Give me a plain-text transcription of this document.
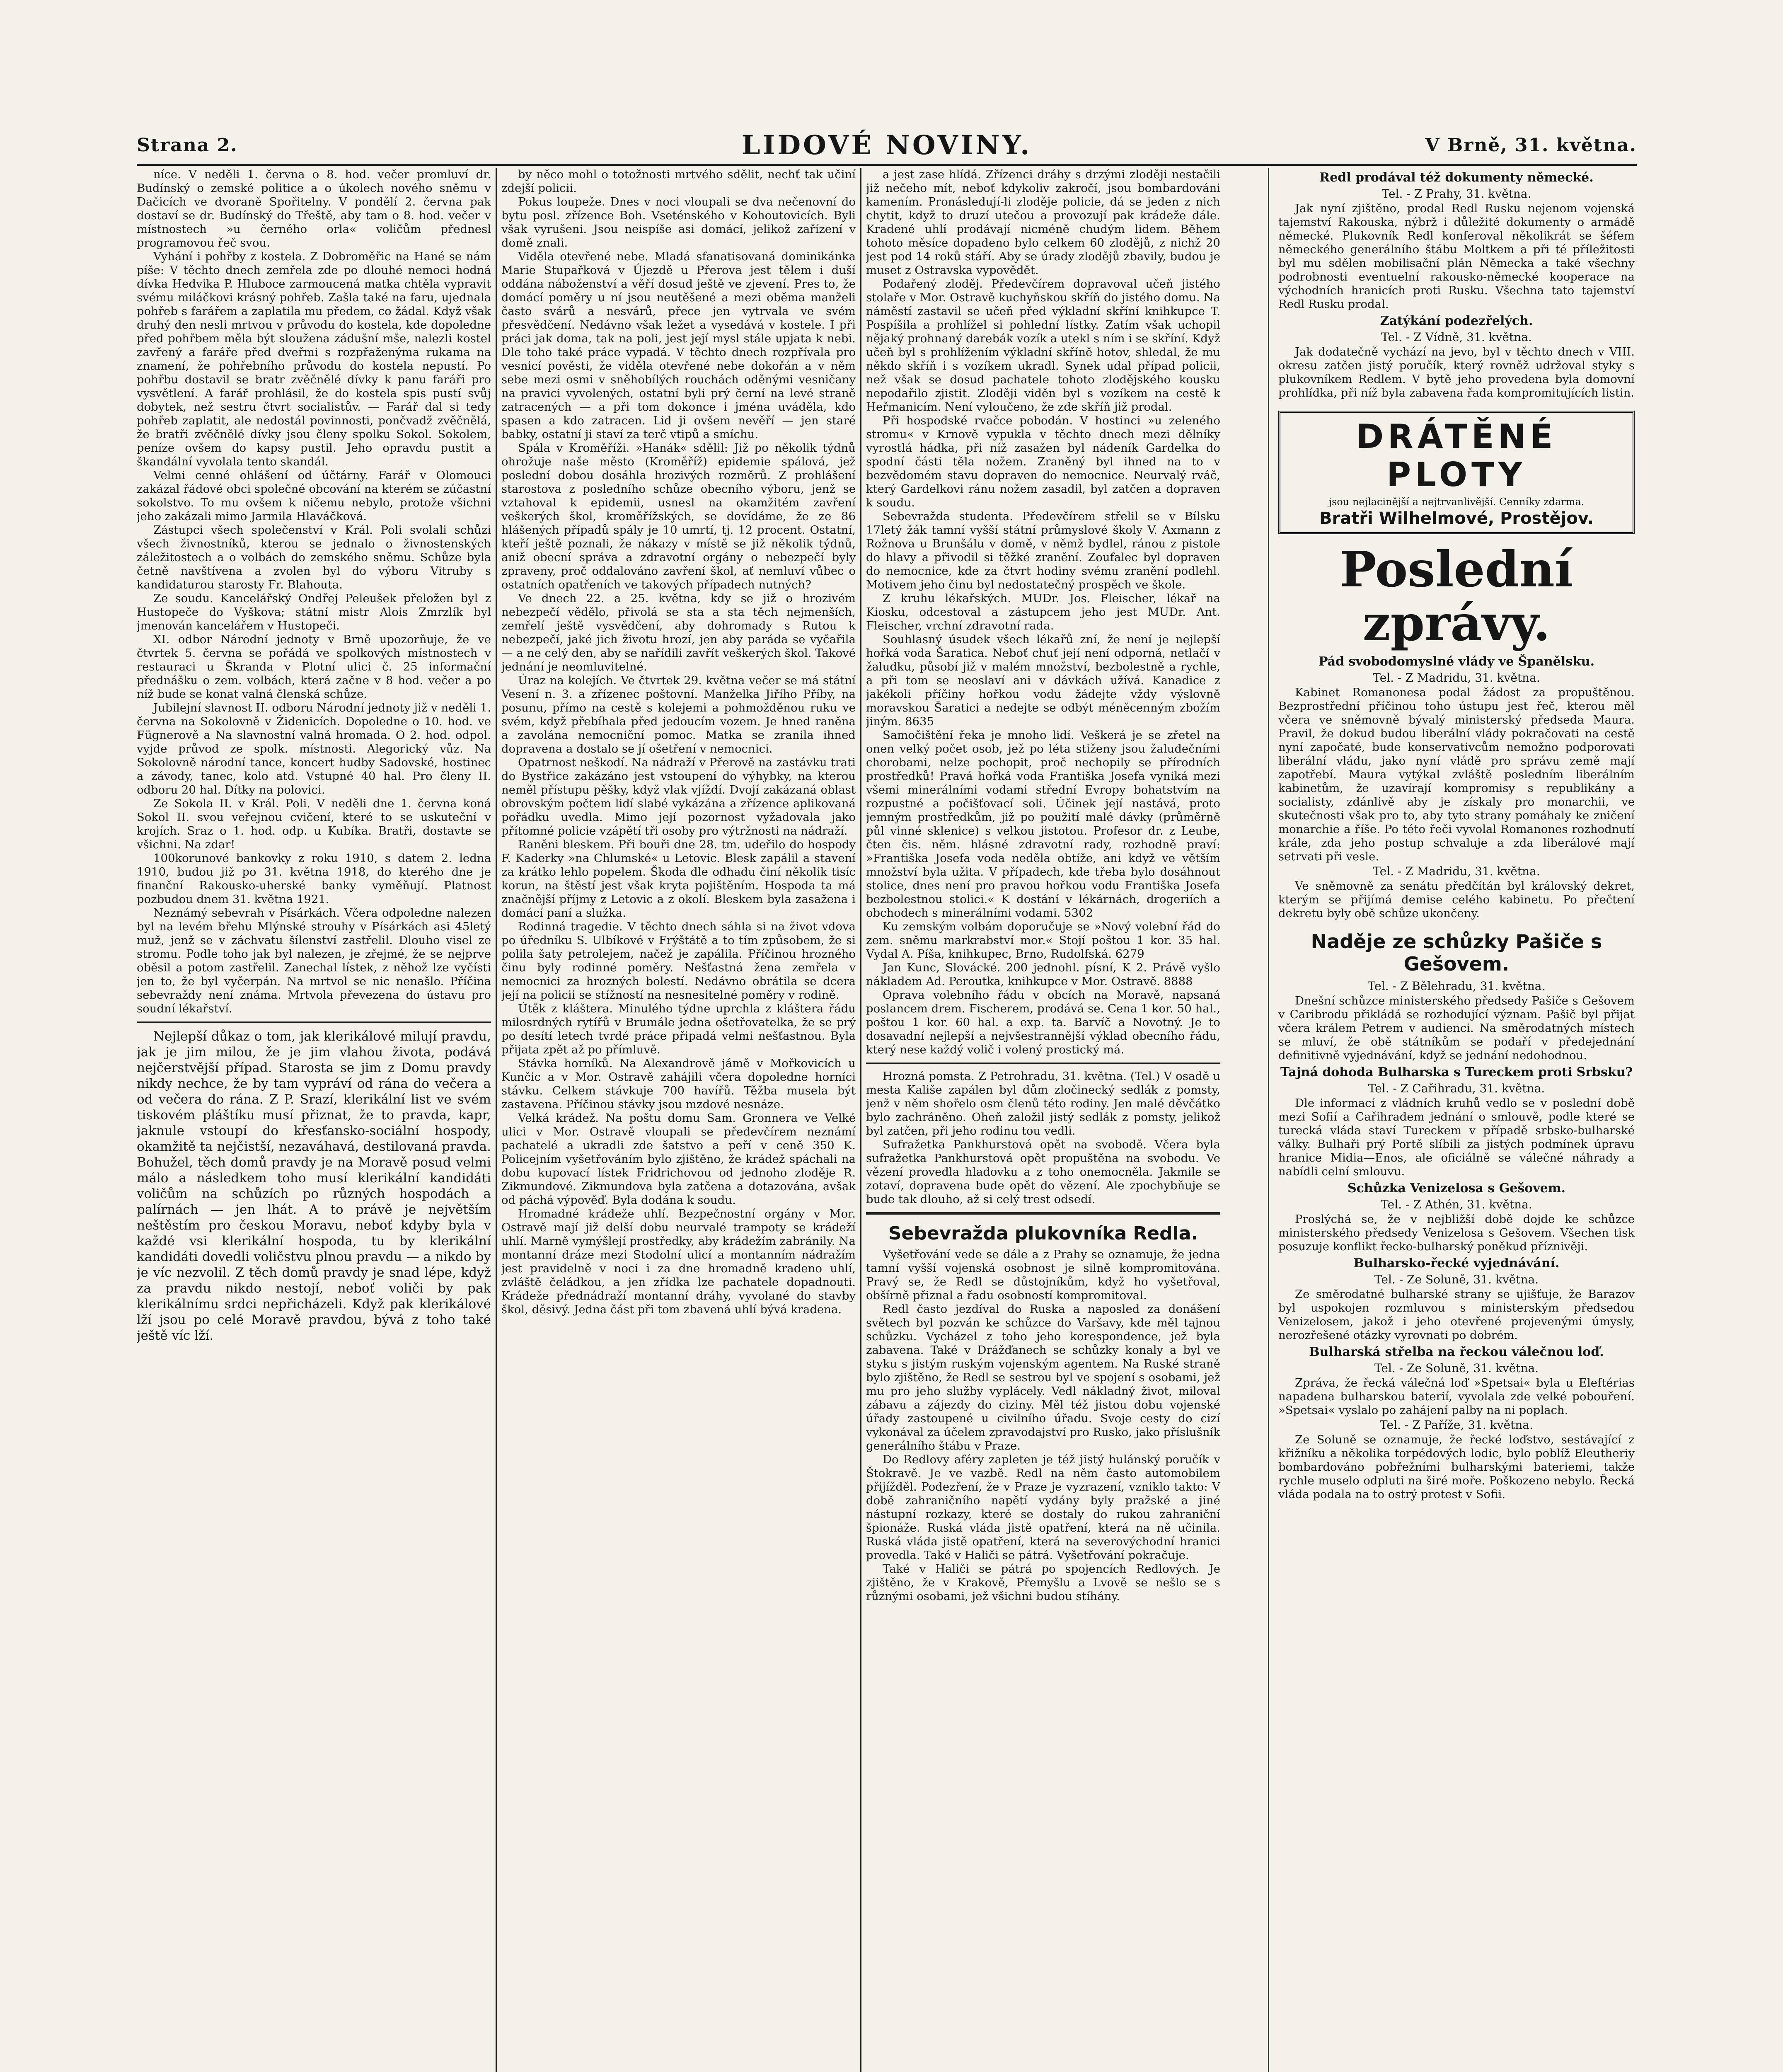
Strana 2.	LIDOVÉ NOVINY.	V Brně, 31. května.

níce. V neděli 1. června o 8. hod. večer promluví dr. Budínský o zemské politice a o úkolech nového sněmu v Dačicích ve dvoraně Spořitelny. V pondělí 2. června pak dostaví se dr. Budínský do Třeště, aby tam o 8. hod. večer v místnostech »u černého orla« voličům přednesl programovou řeč svou.

Vyhání i pohřby z kostela. Z Dobroměřic na Hané se nám píše: V těchto dnech zemřela zde po dlouhé nemoci hodná dívka Hedvika P. Hluboce zarmoucená matka chtěla vypravit svému miláčkovi krásný pohřeb. Zašla také na faru, ujednala pohřeb s farářem a zaplatila mu předem, co žádal. Když však druhý den nesli mrtvou v průvodu do kostela, kde dopoledne před pohřbem měla být sloužena zádušní mše, nalezli kostel zavřený a faráře před dveřmi s rozpřaženýma rukama na znamení, že pohřebního průvodu do kostela nepustí. Po pohřbu dostavil se bratr zvěčnělé dívky k panu faráři pro vysvětlení. A farář prohlásil, že do kostela spis pustí svůj dobytek, než sestru čtvrt socialistův. — Farář dal si tedy pohřeb zaplatit, ale nedostál povinnosti, pončvadž zvěčnělá, že bratři zvěčnělé dívky jsou členy spolku Sokol. Sokolem, peníze ovšem do kapsy pustil. Jeho opravdu pustit a škandální vyvolala tento skandál.

Velmi cenné ohlášení od účtárny. Farář v Olomouci zakázal řádové obci společné obcování na kterém se zúčastní sokolstvo. To mu ovšem k ničemu nebylo, protože všichni jeho zakázali mimo Jarmila Hlaváčková.

Zástupci všech společenství v Král. Poli svolali schůzi všech živnostníků, kterou se jednalo o živnostenských záležitostech a o volbách do zemského sněmu. Schůze byla četně navštívena a zvolen byl do výboru Vitruby s kandidaturou starosty Fr. Blahouta.

Ze soudu. Kancelářský Ondřej Peleušek přeložen byl z Hustopeče do Vyškova; státní mistr Alois Zmrzlík byl jmenován kancelářem v Hustopeči.

XI. odbor Národní jednoty v Brně upozorňuje, že ve čtvrtek 5. června se pořádá ve spolkových místnostech v restauraci u Škranda v Plotní ulici č. 25 informační přednášku o zem. volbách, která začne v 8 hod. večer a po níž bude se konat valná členská schůze.

Jubilejní slavnost II. odboru Národní jednoty již v neděli 1. června na Sokolovně v Židenicích. Dopoledne o 10. hod. ve Fügnerově a Na slavnostní valná hromada. O 2. hod. odpol. vyjde průvod ze spolk. místnosti. Alegorický vůz. Na Sokolovně národní tance, koncert hudby Sadovské, hostinec a závody, tanec, kolo atd. Vstupné 40 hal. Pro členy II. odboru 20 hal. Dítky na polovici.

Ze Sokola II. v Král. Poli. V neděli dne 1. června koná Sokol II. svou veřejnou cvičení, které to se uskuteční v krojích. Sraz o 1. hod. odp. u Kubíka. Bratři, dostavte se všichni. Na zdar!

100korunové bankovky z roku 1910, s datem 2. ledna 1910, budou již po 31. května 1918, do kterého dne je finanční Rakousko-uherské banky vyměňují. Platnost pozbudou dnem 31. května 1921.

Neznámý sebevrah v Písárkách. Včera odpoledne nalezen byl na levém břehu Mlýnské strouhy v Písárkách asi 45letý muž, jenž se v záchvatu šílenství zastřelil. Dlouho visel ze stromu. Podle toho jak byl nalezen, je zřejmé, že se nejprve oběsil a potom zastřelil. Zanechal lístek, z něhož lze vyčísti jen to, že byl vyčerpán. Na mrtvol se nic nenašlo. Příčina sebevraždy není známa. Mrtvola převezena do ústavu pro soudní lékařství.

Nejlepší důkaz o tom, jak klerikálové milují pravdu, jak je jim milou, že je jim vlahou života, podává nejčerstvější případ. Starosta se jim z Domu pravdy nikdy nechce, že by tam vypráví od rána do večera a od večera do rána. Z P. Srazí, klerikální list ve svém tiskovém pláštíku musí přiznat, že to pravda, kapr, jaknule vstoupí do křesťansko-sociální hospody, okamžitě ta nejčistší, nezaváhavá, destilovaná pravda. Bohužel, těch domů pravdy je na Moravě posud velmi málo a následkem toho musí klerikální kandidáti voličům na schůzích po různých hospodách a palírnách — jen lhát. A to právě je největším neštěstím pro českou Moravu, neboť kdyby byla v každé vsi klerikální hospoda, tu by klerikální kandidáti dovedli voličstvu plnou pravdu — a nikdo by je víc nezvolil. Z těch domů pravdy je snad lépe, když za pravdu nikdo nestojí, neboť voliči by pak klerikálnímu srdci nepřicházeli. Když pak klerikálové lží jsou po celé Moravě pravdou, bývá z toho také ještě víc lží.

by něco mohl o totožnosti mrtvého sdělit, nechť tak učiní zdejší policii.

Pokus loupeže. Dnes v noci vloupali se dva nečenovní do bytu posl. zřízence Boh. Vseténského v Kohoutovicích. Byli však vyrušeni. Jsou neispíše asi domácí, jelikož zařízení v domě znali.

Viděla otevřené nebe. Mladá sfanatisovaná dominikánka Marie Stupařková v Újezdě u Přerova jest tělem i duší oddána náboženství a věří dosud ještě ve zjevení. Pres to, že domácí poměry u ní jsou neutěšené a mezi oběma manželi často svárů a nesvárů, přece jen vytrvala ve svém přesvědčení. Nedávno však ležet a vysedává v kostele. I při práci jak doma, tak na poli, jest její mysl stále upjata k nebi. Dle toho také práce vypadá. V těchto dnech rozpřívala pro vesnicí pověsti, že viděla otevřené nebe dokořán a v něm sebe mezi osmi v sněhobílých rouchách oděnými vesničany na pravici vyvolených, ostatní byli prý černí na levé straně zatracených — a při tom dokonce i jména uváděla, kdo spasen a kdo zatracen. Lid ji ovšem nevěří — jen staré babky, ostatní ji staví za terč vtipů a smíchu.

Spála v Kroměříži. »Hanák« sdělil: Již po několik týdnů ohrožuje naše město (Kroměříž) epidemie spálová, jež poslední dobou dosáhla hrozivých rozměrů. Z prohlášení starostova z posledního schůze obecního výboru, jenž se vztahoval k epidemii, usnesl na okamžitém zavření veškerých škol, kroměřížských, se dovídáme, že ze 86 hlášených případů spály je 10 umrtí, tj. 12 procent. Ostatní, kteří ještě poznali, že nákazy v místě se již několik týdnů, aniž obecní správa a zdravotní orgány o nebezpečí byly zpraveny, proč oddalováno zavření škol, ať nemluví vůbec o ostatních opatřeních ve takových případech nutných?

Ve dnech 22. a 25. května, kdy se již o hrozivém nebezpečí vědělo, přivolá se sta a sta těch nejmenších, zemřelí ještě vysvědčení, aby dohromady s Rutou k nebezpečí, jaké jich životu hrozí, jen aby paráda se vyčařila — a ne celý den, aby se nařídili zavřít veškerých škol. Takové jednání je neomluvitelné.

Úraz na kolejích. Ve čtvrtek 29. května večer se má státní Vesení n. 3. a zřízenec poštovní. Manželka Jiřího Příby, na posunu, přímo na cestě s kolejemi a pohmožděnou ruku ve svém, když přebíhala před jedoucím vozem. Je hned raněna a zavolána nemocniční pomoc. Matka se zranila ihned dopravena a dostalo se jí ošetření v nemocnici.

Opatrnost neškodí. Na nádraží v Přerově na zastávku trati do Bystřice zakázáno jest vstoupení do výhybky, na kterou neměl přístupu pěšky, když vlak vjíždí. Dvojí zakázaná oblast obrovským počtem lidí slabé vykázána a zřízence aplikovaná pořádku uvedla. Mimo její pozornost vyžadovala jako přítomné policie vzápětí tři osoby pro výtržnosti na nádraží.

Raněni bleskem. Při bouři dne 28. tm. udeřilo do hospody F. Kaderky »na Chlumské« u Letovic. Blesk zapálil a stavení za krátko lehlo popelem. Škoda dle odhadu činí několik tisíc korun, na štěstí jest však kryta pojištěním. Hospoda ta má značnější příjmy z Letovic a z okolí. Bleskem byla zasažena i domácí paní a služka.

Rodinná tragedie. V těchto dnech sáhla si na život vdova po úředníku S. Ulbíkové v Frýštátě a to tím způsobem, že si polila šaty petrolejem, načež je zapálila. Příčinou hrozného činu byly rodinné poměry. Nešťastná žena zemřela v nemocnici za hrozných bolestí. Nedávno obrátila se dcera její na policii se stížností na nesnesitelné poměry v rodině.

Útěk z kláštera. Minulého týdne uprchla z kláštera řádu milosrdných rytířů v Brumále jedna ošetřovatelka, že se prý po desítí letech tvrdé práce připadá velmi nešťastnou. Byla přijata zpět až po přímluvě.

Stávka horníků. Na Alexandrově jámě v Mořkovicích u Kunčic a v Mor. Ostravě zahájili včera dopoledne horníci stávku. Celkem stávkuje 700 havířů. Těžba musela být zastavena. Příčinou stávky jsou mzdové nesnáze.

Velká krádež. Na poštu domu Sam. Gronnera ve Velké ulici v Mor. Ostravě vloupali se předevčírem neznámí pachatelé a ukradli zde šatstvo a peří v ceně 350 K. Policejním vyšetřováním bylo zjištěno, že krádež spáchali na dobu kupovací lístek Fridrichovou od jednoho zloděje R. Zikmundové. Zikmundova byla zatčena a dotazována, avšak od páchá výpověď. Byla dodána k soudu.

Hromadné krádeže uhlí. Bezpečnostní orgány v Mor. Ostravě mají již delší dobu neurvalé trampoty se krádeží uhlí. Marně vymýšlejí prostředky, aby krádežím zabránily. Na montanní dráze mezi Stodolní ulicí a montanním nádražím jest pravidelně v noci i za dne hromadně kradeno uhlí, zvláště čeládkou, a jen zřídka lze pachatele dopadnouti. Krádeže přednádraží montanní dráhy, vyvolané do stavby škol, děsivý. Jedna část při tom zbavená uhlí bývá kradena.

a jest zase hlídá. Zřízenci dráhy s drzými zloději nestačili již nečeho mít, neboť kdykoliv zakročí, jsou bombardováni kamením. Pronásledují-li zloděje policie, dá se jeden z nich chytit, když to druzí utečou a provozují pak krádeže dále. Kradené uhlí prodávají nicméně chudým lidem. Během tohoto měsíce dopadeno bylo celkem 60 zlodějů, z nichž 20 jest pod 14 roků stáří. Aby se úrady zlodějů zbavily, budou je muset z Ostravska vypovědět.

Podařený zloděj. Předevčírem dopravoval učeň jistého stolaře v Mor. Ostravě kuchyňskou skříň do jistého domu. Na náměstí zastavil se učeň před výkladní skříní knihkupce T. Pospíšila a prohlížel si pohlední lístky. Zatím však uchopil nějaký prohnaný darebák vozík a utekl s ním i se skříní. Když učeň byl s prohlížením výkladní skříně hotov, shledal, že mu někdo skříň i s vozíkem ukradl. Synek udal případ policii, než však se dosud pachatele tohoto zlodějského kousku nepodařilo zjistit. Zloději viděn byl s vozíkem na cestě k Heřmanicím. Není vyloučeno, že zde skříň již prodal.

Při hospodské rvačce pobodán. V hostinci »u zeleného stromu« v Krnově vypukla v těchto dnech mezi dělníky vyrostlá hádka, při níž zasažen byl nádeník Gardelka do spodní části těla nožem. Zraněný byl ihned na to v bezvědomém stavu dopraven do nemocnice. Neurvalý rváč, který Gardelkovi ránu nožem zasadil, byl zatčen a dopraven k soudu.

Sebevražda studenta. Předevčírem střelil se v Bílsku 17letý žák tamní vyšší státní průmyslové školy V. Axmann z Rožnova u Brunšálu v domě, v němž bydlel, ránou z pistole do hlavy a přivodil si těžké zranění. Zoufalec byl dopraven do nemocnice, kde za čtvrt hodiny svému zranění podlehl. Motivem jeho činu byl nedostatečný prospěch ve škole.

Z kruhu lékařských. MUDr. Jos. Fleischer, lékař na Kiosku, odcestoval a zástupcem jeho jest MUDr. Ant. Fleischer, vrchní zdravotní rada.

Souhlasný úsudek všech lékařů zní, že není je nejlepší hořká voda Šaratica. Neboť chuť její není odporná, netlačí v žaludku, působí již v malém množství, bezbolestně a rychle, a při tom se neoslaví ani v dávkách užívá. Kanadice z jakékoli příčiny hořkou vodu žádejte vždy výslovně moravskou Šaratici a nedejte se odbýt méněcenným zbožím jiným. 8635

Samočištění řeka je mnoho lidí. Veškerá je se zřetel na onen velký počet osob, jež po léta stiženy jsou žaludečními chorobami, nelze pochopit, proč nechopily se přírodních prostředků! Pravá hořká voda Františka Josefa vyniká mezi všemi minerálními vodami střední Evropy bohatstvím na rozpustné a počišťovací soli. Účinek její nastává, proto jemným prostředkům, již po použití malé dávky (průměrně půl vinné sklenice) s velkou jistotou. Profesor dr. z Leube, čten čis. něm. hlásné zdravotní rady, rozhodně praví: »Františka Josefa voda neděla obtíže, ani když ve větším množství byla užita. V případech, kde třeba bylo dosáhnout stolice, dnes není pro pravou hořkou vodu Františka Josefa bezbolestnou stolici.« K dostání v lékárnách, drogeriích a obchodech s minerálními vodami. 5302

Ku zemským volbám doporučuje se »Nový volební řád do zem. sněmu markrabství mor.« Stojí poštou 1 kor. 35 hal. Vydal A. Píša, knihkupec, Brno, Rudolfská. 6279

Jan Kunc, Slovácké. 200 jednohl. písní, K 2. Právě vyšlo nákladem Ad. Peroutka, knihkupce v Mor. Ostravě. 8888

Oprava volebního řádu v obcích na Moravě, napsaná poslancem drem. Fischerem, prodává se. Cena 1 kor. 50 hal., poštou 1 kor. 60 hal. a exp. ta. Barvíč a Novotný. Je to dosavadní nejlepší a nejvšestrannější výklad obecního řádu, který nese každý volič i volený prostický má.

Hrozná pomsta. Z Petrohradu, 31. května. (Tel.) V osadě u mesta Kališe zapálen byl dům zločinecký sedlák z pomsty, jenž v něm shořelo osm členů této rodiny. Jen malé děvčátko bylo zachráněno. Oheň založil jistý sedlák z pomsty, jelikož byl zatčen, při jeho rodinu tou vedli.

Sufražetka Pankhurstová opět na svobodě. Včera byla sufražetka Pankhurstová opět propuštěna na svobodu. Ve vězení provedla hladovku a z toho onemocněla. Jakmile se zotaví, dopravena bude opět do vězení. Ale zpochybňuje se bude tak dlouho, až si celý trest odsedí.

Sebevražda plukovníka Redla.

Vyšetřování vede se dále a z Prahy se oznamuje, že jedna tamní vyšší vojenská osobnost je silně kompromitována. Pravý se, že Redl se důstojníkům, když ho vyšetřoval, obšírně přiznal a řadu osobností kompromitoval.

Redl často jezdíval do Ruska a naposled za donášení světech byl pozván ke schůzce do Varšavy, kde měl tajnou schůzku. Vycházel z toho jeho korespondence, jež byla zabavena. Také v Drážďanech se schůzky konaly a byl ve styku s jistým ruským vojenským agentem. Na Ruské straně bylo zjištěno, že Redl se sestrou byl ve spojení s osobami, jež mu pro jeho služby vyplácely. Vedl nákladný život, miloval zábavu a zájezdy do ciziny. Měl též jistou dobu vojenské úřady zastoupené u civilního úřadu. Svoje cesty do cizí vykonával za účelem zpravodajství pro Rusko, jako příslušník generálního štábu v Praze.

Do Redlovy aféry zapleten je též jistý hulánský poručík v Štokravě. Je ve vazbě. Redl na něm často automobilem přijížděl. Podezření, že v Praze je vyzrazení, vzniklo takto: V době zahraničního napětí vydány byly pražské a jiné nástupní rozkazy, které se dostaly do rukou zahraniční špionáže. Ruská vláda jistě opatření, která na ně učinila. Ruská vláda jistě opatření, která na severovýchodní hranici provedla. Také v Haliči se pátrá. Vyšetřování pokračuje.

Také v Haliči se pátrá po spojencích Redlových. Je zjištěno, že v Krakově, Přemyšlu a Lvově se nešlo se s různými osobami, jež všichni budou stíhány.

Redl prodával též dokumenty německé.
Tel. - Z Prahy, 31. května.

Jak nyní zjištěno, prodal Redl Rusku nejenom vojenská tajemství Rakouska, nýbrž i důležité dokumenty o armádě německé. Plukovník Redl konferoval několikrát se šéfem německého generálního štábu Moltkem a při té příležitosti byl mu sdělen mobilisační plán Německa a také všechny podrobnosti eventuelní rakousko-německé kooperace na východních hranicích proti Rusku. Všechna tato tajemství Redl Rusku prodal.

Zatýkání podezřelých.
Tel. - Z Vídně, 31. května.

Jak dodatečně vychází na jevo, byl v těchto dnech v VIII. okresu zatčen jistý poručík, který rovněž udržoval styky s plukovníkem Redlem. V bytě jeho provedena byla domovní prohlídka, při níž byla zabavena řada kompromitujících listin.

DRÁTĚNÉ PLOTY
jsou nejlacinější a nejtrvanlivější. Cenníky zdarma.
Bratři Wilhelmové, Prostějov.
Poslední zprávy.
Pád svobodomyslné vlády ve Španělsku.
Tel. - Z Madridu, 31. května.

Kabinet Romanonesa podal žádost za propuštěnou. Bezprostřední příčinou toho ústupu jest řeč, kterou měl včera ve sněmovně bývalý ministerský předseda Maura. Pravil, že dokud budou liberální vlády pokračovati na cestě nyní započaté, bude konservativcům nemožno podporovati liberální vládu, jako nyní vládě pro správu země mají zapotřebí. Maura vytýkal zvláště posledním liberálním kabinetům, že uzavírají kompromisy s republikány a socialisty, zdánlivě aby je získaly pro monarchii, ve skutečnosti však pro to, aby tyto strany pomáhaly ke zničení monarchie a říše. Po této řeči vyvolal Romanones rozhodnutí krále, zda jeho postup schvaluje a zda liberálové mají setrvati při vesle.

Tel. - Z Madridu, 31. května.

Ve sněmovně za senátu předčítán byl královský dekret, kterým se přijímá demise celého kabinetu. Po přečtení dekretu byly obě schůze ukončeny.

Naděje ze schůzky Pašiče s Gešovem.
Tel. - Z Bělehradu, 31. května.

Dnešní schůzce ministerského předsedy Pašiče s Gešovem v Caribrodu přikládá se rozhodující význam. Pašič byl přijat včera králem Petrem v audienci. Na směrodatných místech se mluví, že obě státníkům se podaří v předejednání definitivně vyjednávání, když se jednání nedohodnou.

Tajná dohoda Bulharska s Tureckem proti Srbsku?
Tel. - Z Cařihradu, 31. května.

Dle informací z vládních kruhů vedlo se v poslední době mezi Sofií a Cařihradem jednání o smlouvě, podle které se turecká vláda staví Tureckem v případě srbsko-bulharské války. Bulhaři prý Portě slíbili za jistých podmínek úpravu hranice Midia—Enos, ale oficiálně se válečné náhrady a nabídli celní smlouvu.

Schůzka Venizelosa s Gešovem.
Tel. - Z Athén, 31. května.

Proslýchá se, že v nejbližší době dojde ke schůzce ministerského předsedy Venizelosa s Gešovem. Všechen tisk posuzuje konflikt řecko-bulharský poněkud příznivěji.

Bulharsko-řecké vyjednávání.
Tel. - Ze Soluně, 31. května.

Ze směrodatné bulharské strany se ujišťuje, že Barazov byl uspokojen rozmluvou s ministerským předsedou Venizelosem, jakož i jeho otevřené projevenými úmysly, nerozřešené otázky vyrovnati po dobrém.

Bulharská střelba na řeckou válečnou loď.
Tel. - Ze Soluně, 31. května.

Zpráva, že řecká válečná loď »Spetsai« byla u Eleftérias napadena bulharskou baterií, vyvolala zde velké pobouření. »Spetsai« vyslalo po zahájení palby na ni poplach.

Tel. - Z Paříže, 31. května.

Ze Soluně se oznamuje, že řecké loďstvo, sestávající z křižníku a několika torpédových lodic, bylo poblíž Eleutheriy bombardováno pobřežními bulharskými bateriemi, takže rychle muselo odpluti na širé moře. Poškozeno nebylo. Řecká vláda podala na to ostrý protest v Sofii.
